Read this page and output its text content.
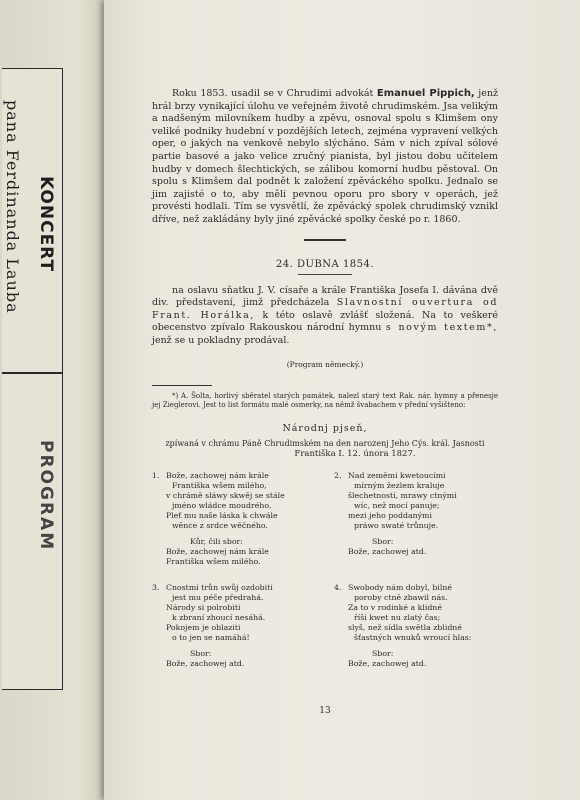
pana Ferdinanda Lauba KONCERT
PROGRAM

Roku 1853. usadil se v Chrudimi advokát Emanuel Pippich, jenž hrál brzy vynikající úlohu ve veřejném životě chrudimském. Jsa velikým a nadšeným milovníkem hudby a zpěvu, osnoval spolu s Klimšem ony veliké podniky hudební v pozdějších letech, zejména vypravení velkých oper, o jakých na venkově nebylo slýcháno. Sám v nich zpíval sólové partie basové a jako velice zručný pianista, byl jistou dobu učitelem hudby v domech šlechtických, se zálibou komorní hudbu pěstoval. On spolu s Klimšem dal podnět k založení zpěváckého spolku. Jednalo se jim zajisté o to, aby měli pevnou oporu pro sbory v operách, jež provésti hodlali. Tím se vysvětlí, že zpěvácký spolek chrudimský vznikl dříve, než zakládány byly jiné zpěvácké spolky české po r. 1860.

24. DUBNA 1854.

na oslavu sňatku J. V. císaře a krále Františka Josefa I. dávána dvě div. představení, jimž předcházela Slavnostní ouvertura od Frant. Horálka, k této oslavě zvlášť složená. Na to veškeré obecenstvo zpívalo Rakouskou národní hymnu s novým textem*, jenž se u pokladny prodával.

(Program německý.)

*) A. Šolta, horlivý sběratel starých památek, nalezl starý text Rak. nár. hymny a přenesje jej Zieglerovi. Jest to list formátu malé osmerky, na němž švabachem v přední vyšišteno:

Národnj pjseň,

zpíwaná v chrámu Páně Chrudimském na den narozenj Jeho Cýs. král. Jasnosti

Františka I. 12. února 1827.

1. Bože, zachowej nám krále
Františka wšem milého,
v chrámě sláwy skwěj se stále
jméno wládce moudrého.
Pleť mu naše láska k chwále
wěnce z srdce wěčného.
Kůr, čili sbor:
Bože, zachowej nám krále
Františka wšem milého.
2. Nad zeměmi kwetoucími
mírným žezlem kraluje
šlechetností, mrawy ctnými
wíc, než mocí panuje;
mezi jeho poddanými
práwo swaté trůnuje.
Sbor:
Bože, zachowej atd.
3. Cnostmi trůn swůj ozdobiti
jest mu péče předrahá.
Národy si polrobiti
k zbraní zhoucí nesáhá.
Pokojem je oblaziti
o to jen se namáhá!
Sbor:
Bože, zachowej atd.
4. Swobody nám dobyl, bilné
poroby ctně zbawil nás.
Za to v rodinké a klidné
říši kwet nu zlatý čas;
slyš, než sídla swětla zblidné
šťastných wnuků wroucí hlas:
Sbor:
Bože, zachowej atd.
13
